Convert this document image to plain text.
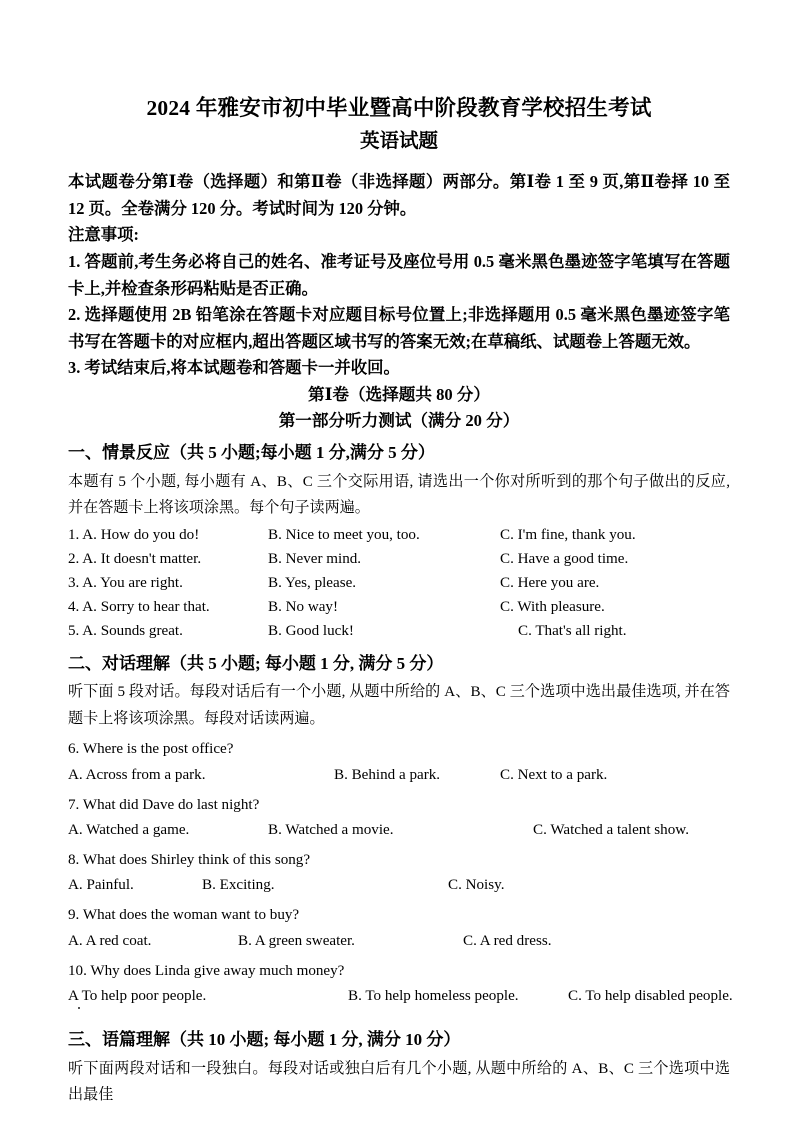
2024 年雅安市初中毕业暨高中阶段教育学校招生考试
英语试题

本试题卷分第Ⅰ卷（选择题）和第Ⅱ卷（非选择题）两部分。第Ⅰ卷 1 至 9 页,第Ⅱ卷择 10 至 12 页。全卷满分 120 分。考试时间为 120 分钟。

注意事项:

1. 答题前,考生务必将自己的姓名、准考证号及座位号用 0.5 毫米黑色墨迹签字笔填写在答题卡上,并检查条形码粘贴是否正确。

2. 选择题使用 2B 铅笔涂在答题卡对应题目标号位置上;非选择题用 0.5 毫米黑色墨迹签字笔书写在答题卡的对应框内,超出答题区域书写的答案无效;在草稿纸、试题卷上答题无效。

3. 考试结束后,将本试题卷和答题卡一并收回。

第Ⅰ卷（选择题共 80 分）
第一部分听力测试（满分 20 分）
一、情景反应（共 5 小题;每小题 1 分,满分 5 分）

本题有 5 个小题, 每小题有 A、B、C 三个交际用语, 请选出一个你对所听到的那个句子做出的反应, 并在答题卡上将该项涂黑。每个句子读两遍。

1. A. How do you do!	B. Nice to meet you, too.	C. I'm fine, thank you.
2. A. It doesn't matter.	B. Never mind.	C. Have a good time.
3. A. You are right.	B. Yes, please.	C. Here you are.
4. A. Sorry to hear that.	B. No way!	C. With pleasure.
5. A. Sounds great.	B. Good luck!	C. That's all right.
二、对话理解（共 5 小题; 每小题 1 分, 满分 5 分）

听下面 5 段对话。每段对话后有一个小题, 从题中所给的 A、B、C 三个选项中选出最佳选项, 并在答题卡上将该项涂黑。每段对话读两遍。

6. Where is the post office?

A. Across from a park.	B. Behind a park.	C. Next to a park.

7. What did Dave do last night?

A. Watched a game.	B. Watched a movie.	C. Watched a talent show.

8. What does Shirley think of this song?

A. Painful.	B. Exciting.	C. Noisy.

9. What does the woman want to buy?

A. A red coat.	B. A green sweater.	C. A red dress.

10. Why does Linda give away much money?

A To help poor people.	B. To help homeless people.	C. To help disabled people.
三、语篇理解（共 10 小题; 每小题 1 分, 满分 10 分）

听下面两段对话和一段独白。每段对话或独白后有几个小题, 从题中所给的 A、B、C 三个选项中选出最佳
